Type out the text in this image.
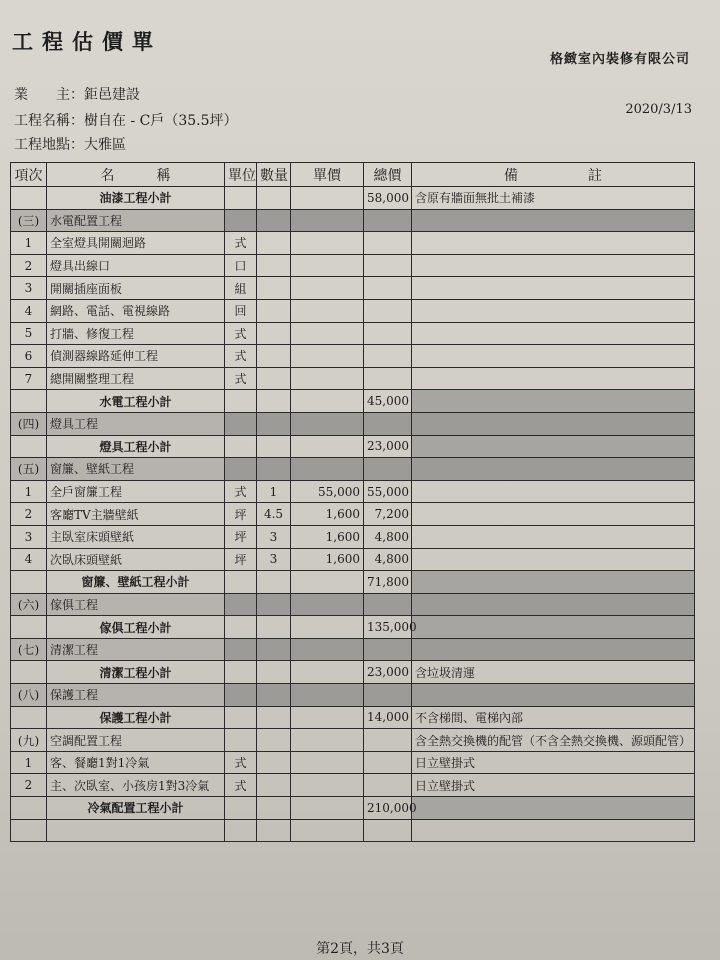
工程估價單
格緻室內裝修有限公司
2020/3/13
業　　主：鉅邑建設
工程名稱：樹自在 - C戶（35.5坪）
工程地點：大雅區
項次	名　　　稱	單位	數量	單價	總價	備　　　　　註
	油漆工程小計				58,000	含原有牆面無批土補漆
(三)	水電配置工程					
1	全室燈具開關迴路	式				
2	燈具出線口	口				
3	開關插座面板	組				
4	網路、電話、電視線路	回				
5	打牆、修復工程	式				
6	偵測器線路延伸工程	式				
7	總開關整理工程	式				
	水電工程小計				45,000	
(四)	燈具工程					
	燈具工程小計				23,000	
(五)	窗簾、壁紙工程					
1	全戶窗簾工程	式	1	55,000	55,000	
2	客廳TV主牆壁紙	坪	4.5	1,600	7,200	
3	主臥室床頭壁紙	坪	3	1,600	4,800	
4	次臥床頭壁紙	坪	3	1,600	4,800	
	窗簾、壁紙工程小計				71,800	
(六)	傢俱工程					
	傢俱工程小計				135,000	
(七)	清潔工程					
	清潔工程小計				23,000	含垃圾清運
(八)	保護工程					
	保護工程小計				14,000	不含梯間、電梯內部
(九)	空調配置工程					含全熱交換機的配管（不含全熱交換機、源頭配管）
1	客、餐廳1對1冷氣	式				日立壁掛式
2	主、次臥室、小孩房1對3冷氣	式				日立壁掛式
	冷氣配置工程小計				210,000	

第2頁，共3頁
